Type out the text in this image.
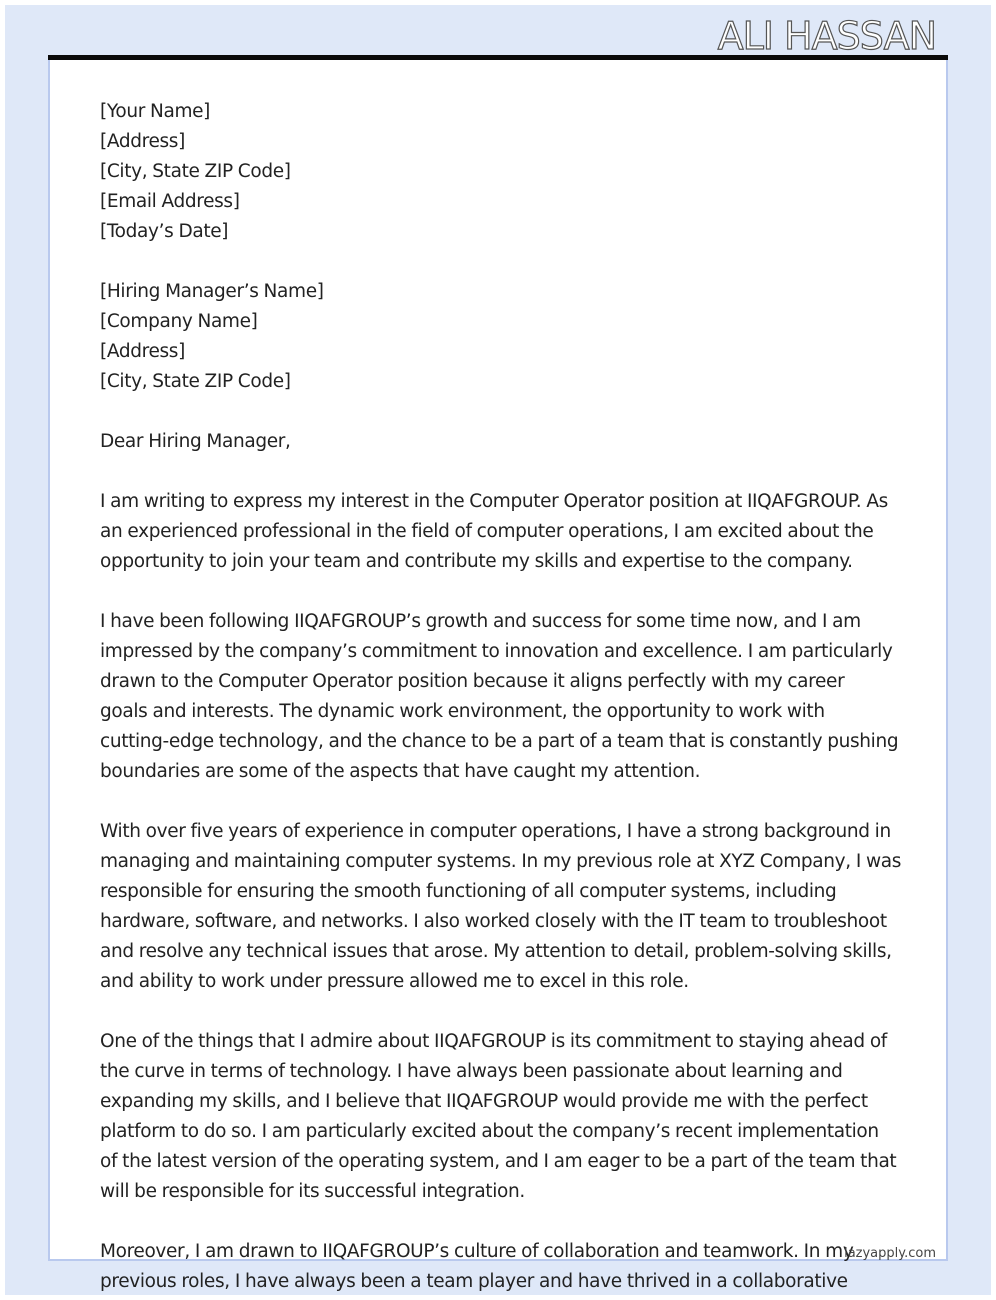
ALI HASSAN
[Your Name]
[Address]
[City, State ZIP Code]
[Email Address]
[Today’s Date]
[Hiring Manager’s Name]
[Company Name]
[Address]
[City, State ZIP Code]
Dear Hiring Manager,
I am writing to express my interest in the Computer Operator position at IIQAFGROUP. As
an experienced professional in the field of computer operations, I am excited about the
opportunity to join your team and contribute my skills and expertise to the company.
I have been following IIQAFGROUP’s growth and success for some time now, and I am
impressed by the company’s commitment to innovation and excellence. I am particularly
drawn to the Computer Operator position because it aligns perfectly with my career
goals and interests. The dynamic work environment, the opportunity to work with
cutting-edge technology, and the chance to be a part of a team that is constantly pushing
boundaries are some of the aspects that have caught my attention.
With over five years of experience in computer operations, I have a strong background in
managing and maintaining computer systems. In my previous role at XYZ Company, I was
responsible for ensuring the smooth functioning of all computer systems, including
hardware, software, and networks. I also worked closely with the IT team to troubleshoot
and resolve any technical issues that arose. My attention to detail, problem-solving skills,
and ability to work under pressure allowed me to excel in this role.
One of the things that I admire about IIQAFGROUP is its commitment to staying ahead of
the curve in terms of technology. I have always been passionate about learning and
expanding my skills, and I believe that IIQAFGROUP would provide me with the perfect
platform to do so. I am particularly excited about the company’s recent implementation
of the latest version of the operating system, and I am eager to be a part of the team that
will be responsible for its successful integration.
Moreover, I am drawn to IIQAFGROUP’s culture of collaboration and teamwork. In my
previous roles, I have always been a team player and have thrived in a collaborative
lazyapply.com
